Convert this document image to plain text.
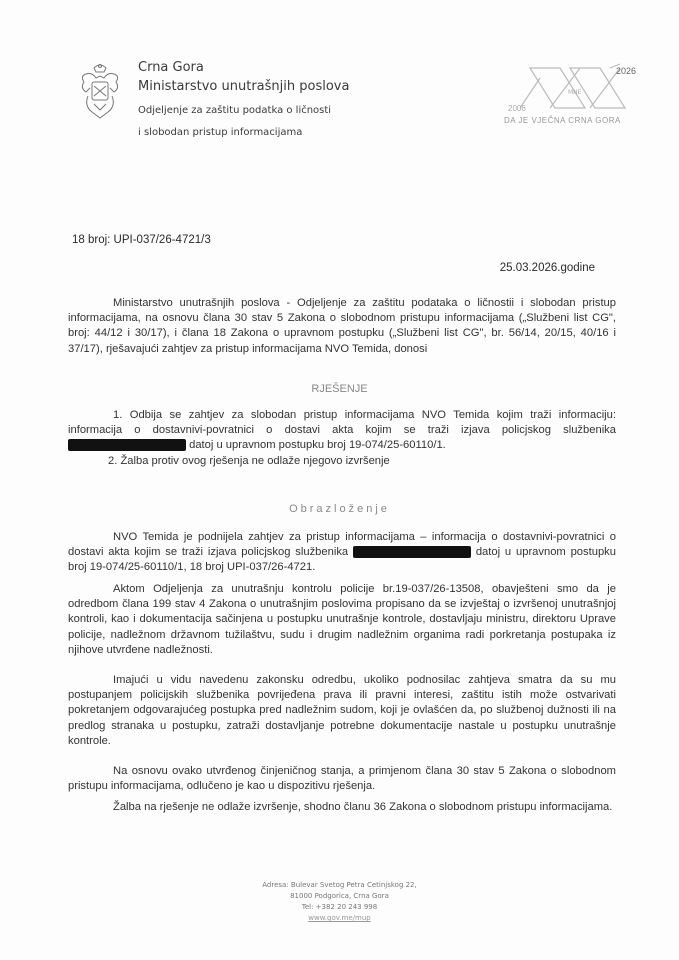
Crna Gora
Ministarstvo unutrašnjih poslova
Odjeljenje za zaštitu podatka o ličnosti
i slobodan pristup informacijama
MNE
2026
2006
DA JE VJEČNA CRNA GORA
18 broj: UPI-037/26-4721/3
25.03.2026.godine
Ministarstvo unutrašnjih poslova - Odjeljenje za zaštitu podataka o ličnostii i slobodan pristup informacijama, na osnovu člana 30 stav 5 Zakona o slobodnom pristupu informacijama („Službeni list CG", broj: 44/12 i 30/17), i člana 18 Zakona o upravnom postupku („Službeni list CG", br. 56/14, 20/15, 40/16 i 37/17), rješavajući zahtjev za pristup informacijama NVO Temida, donosi
RJEŠENJE
1. Odbija se zahtjev za slobodan pristup informacijama NVO Temida kojim traži informaciju: informacija o dostavnivi-povratnici o dostavi akta kojim se traži izjava policjskog službenika  datoj u upravnom postupku broj 19-074/25-60110/1.
2. Žalba protiv ovog rješenja ne odlaže njegovo izvršenje
Obrazloženje
NVO Temida je podnijela zahtjev za pristup informacijama – informacija o dostavnivi-povratnici o dostavi akta kojim se traži izjava policjskog službenika	datoj u upravnom postupku broj 19-074/25-60110/1, 18 broj UPI-037/26-4721.
Aktom Odjeljenja za unutrašnju kontrolu policije br.19-037/26-13508, obavješteni smo da je odredbom člana 199 stav 4 Zakona o unutrašnjim poslovima propisano da se izvještaj o izvršenoj unutrašnjoj kontroli, kao i dokumentacija sačinjena u postupku unutrašnje kontrole, dostavljaju ministru, direktoru Uprave policije, nadležnom državnom tužilaštvu, sudu i drugim nadležnim organima radi porkretanja postupaka iz njihove utvrđene nadležnosti.
Imajući u vidu navedenu zakonsku odredbu, ukoliko podnosilac zahtjeva smatra da su mu postupanjem policijskih službenika povrijeđena prava ili pravni interesi, zaštitu istih može ostvarivati pokretanjem odgovarajućeg postupka pred nadležnim sudom, koji je ovlašćen da, po službenoj dužnosti ili na predlog stranaka u postupku, zatraži dostavljanje potrebne dokumentacije nastale u postupku unutrašnje kontrole.
Na osnovu ovako utvrđenog činjeničnog stanja, a primjenom člana 30 stav 5 Zakona o slobodnom pristupu informacijama, odlučeno je kao u dispozitivu rješenja.
Žalba na rješenje ne odlaže izvršenje, shodno članu 36 Zakona o slobodnom pristupu informacijama.
Adresa: Bulevar Svetog Petra Cetinjskog 22,
81000 Podgorica, Crna Gora
Tel: +382 20 243 998
www.gov.me/mup
